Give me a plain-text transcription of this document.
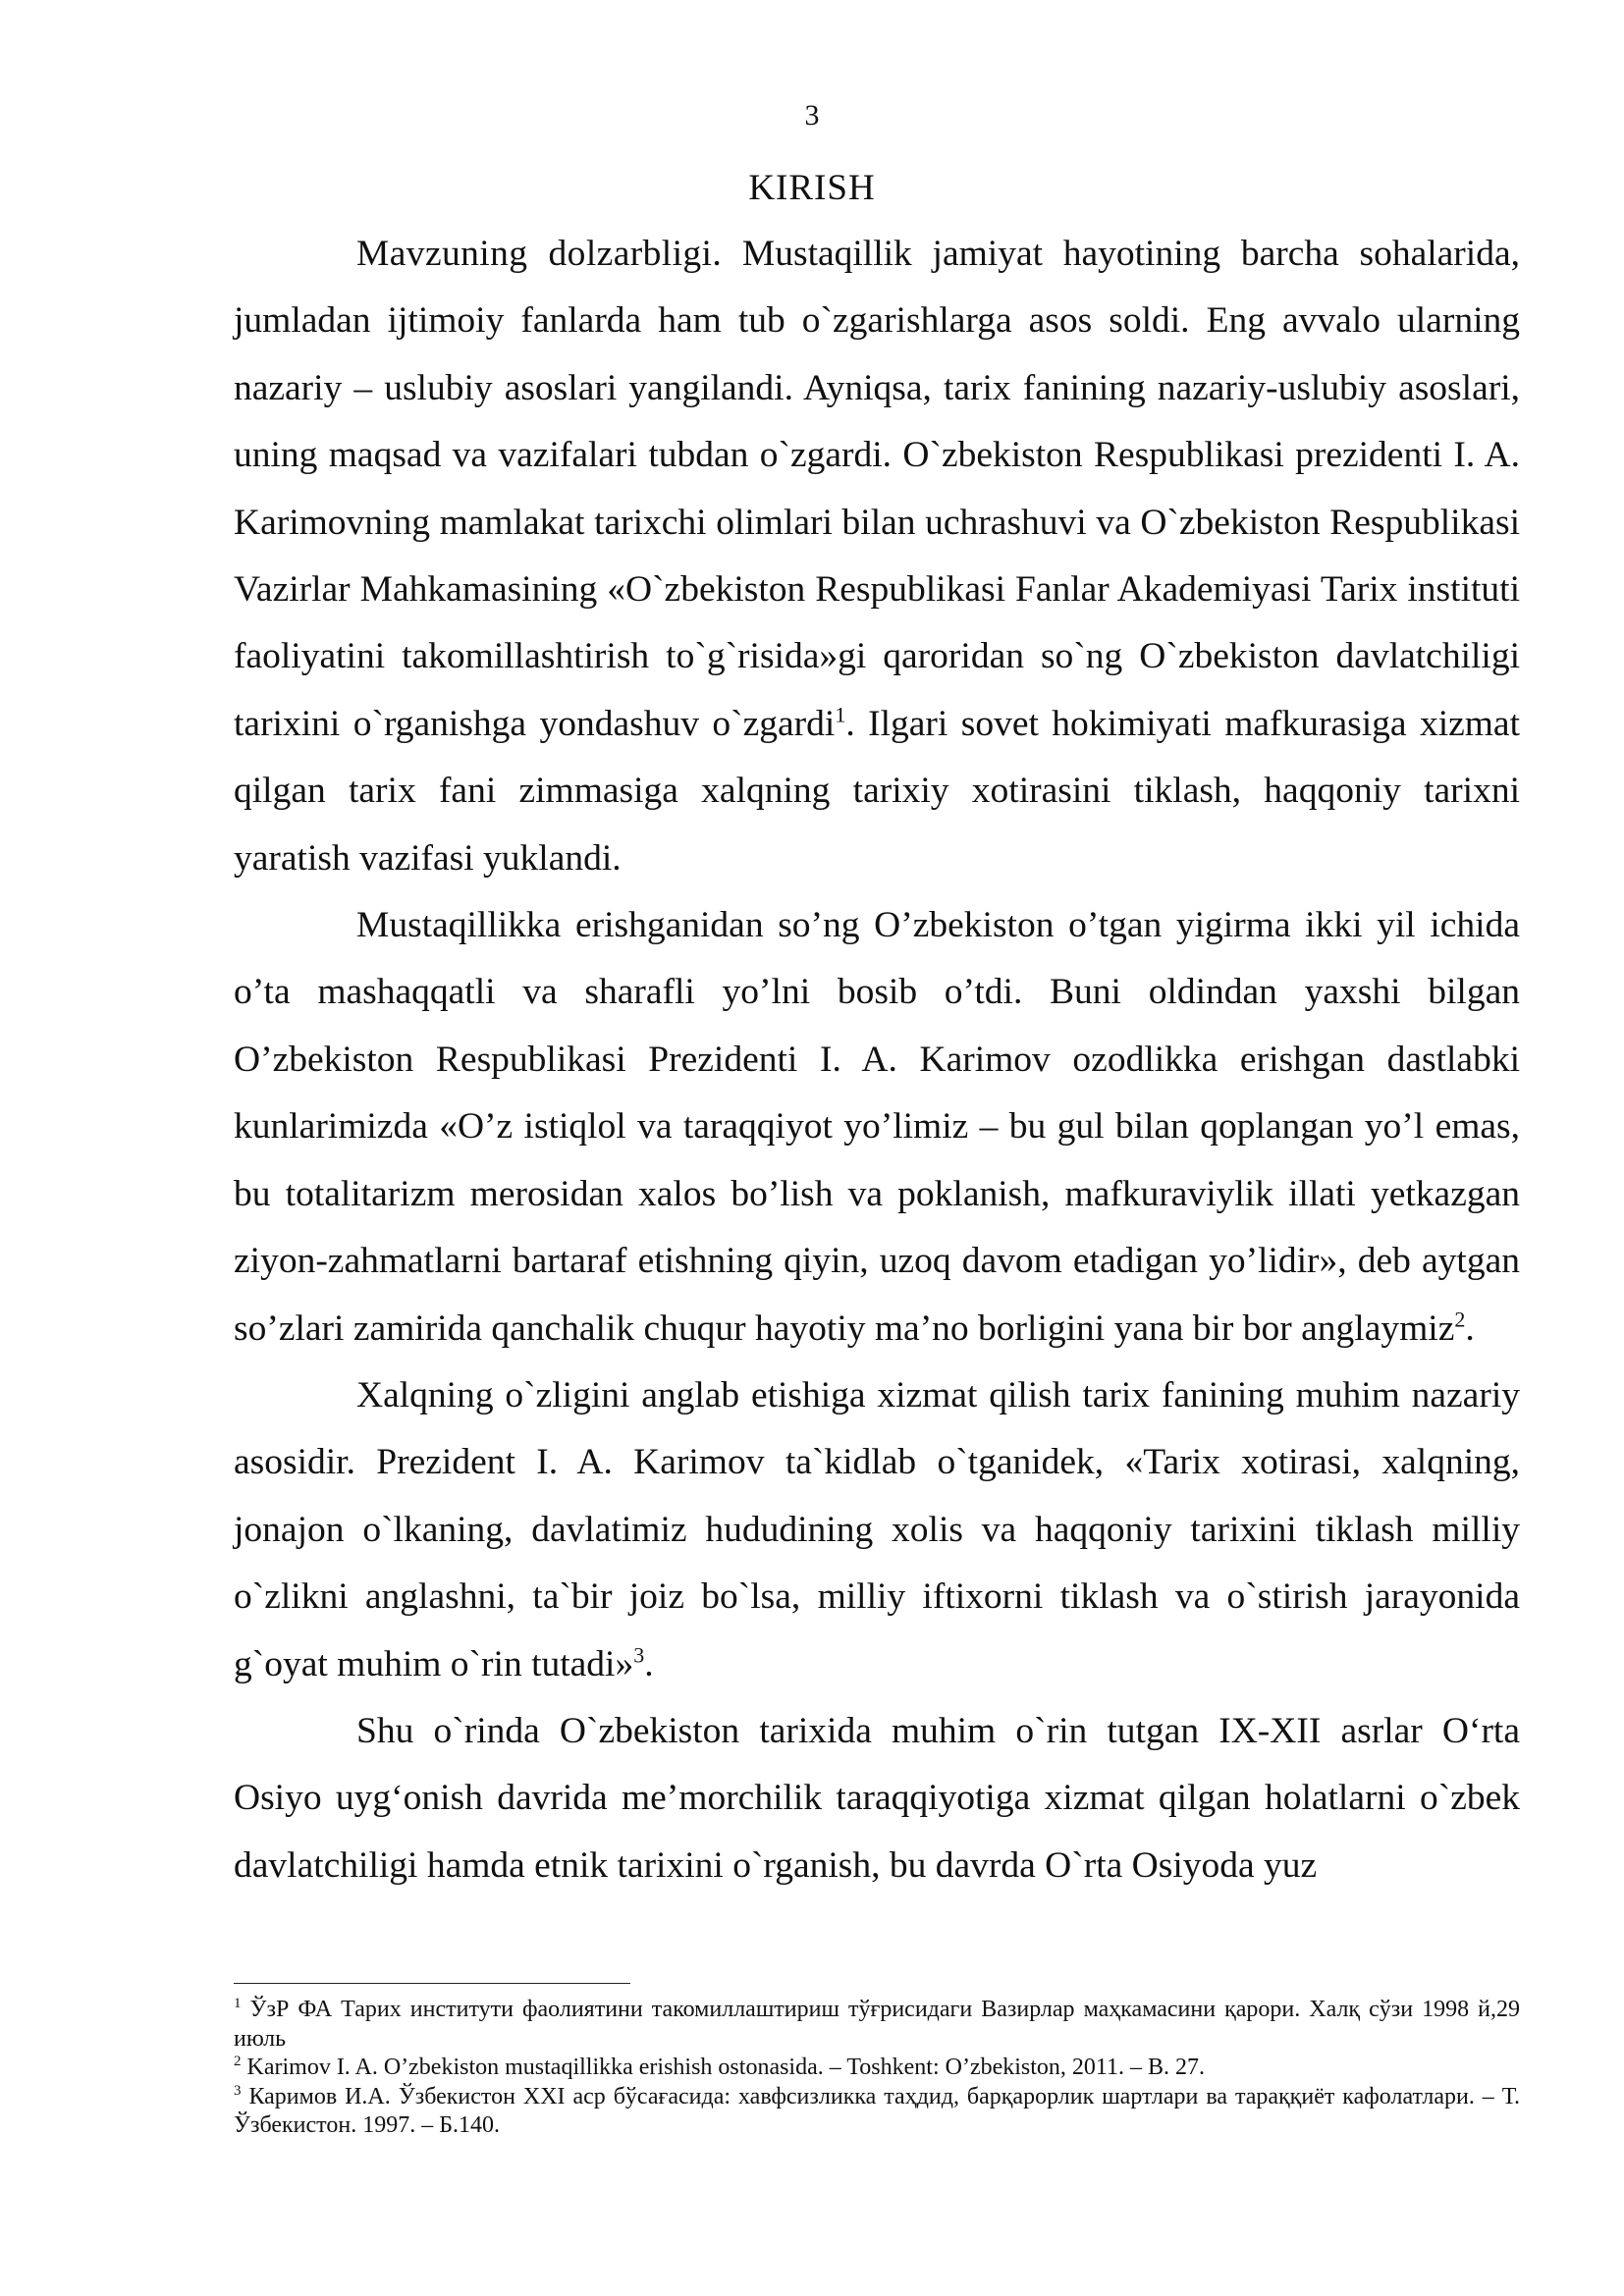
3
KIRISH

Mavzuning dolzarbligi. Mustaqillik jamiyat hayotining barcha sohalarida, jumladan ijtimoiy fanlarda ham tub o`zgarishlarga asos soldi. Eng avvalo ularning nazariy – uslubiy asoslari yangilandi. Ayniqsa, tarix fanining nazariy-uslubiy asoslari, uning maqsad va vazifalari tubdan o`zgardi. O`zbekiston Respublikasi prezidenti I. A. Karimovning mamlakat tarixchi olimlari bilan uchrashuvi va O`zbekiston Respublikasi Vazirlar Mahkamasining «O`zbekiston Respublikasi Fanlar Akademiyasi Tarix instituti faoliyatini takomillashtirish to`g`risida»gi qaroridan so`ng O`zbekiston davlatchiligi tarixini o`rganishga yondashuv o`zgardi$^1$. Ilgari sovet hokimiyati mafkurasiga xizmat qilgan tarix fani zimmasiga xalqning tarixiy xotirasini tiklash, haqqoniy tarixni yaratish vazifasi yuklandi.

Mustaqillikka erishganidan so’ng O’zbekiston o’tgan yigirma ikki yil ichida o’ta mashaqqatli va sharafli yo’lni bosib o’tdi. Buni oldindan yaxshi bilgan O’zbekiston Respublikasi Prezidenti I. A. Karimov ozodlikka erishgan dastlabki kunlarimizda «O’z istiqlol va taraqqiyot yo’limiz – bu gul bilan qoplangan yo’l emas, bu totalitarizm merosidan xalos bo’lish va poklanish, mafkuraviylik illati yetkazgan ziyon-zahmatlarni bartaraf etishning qiyin, uzoq davom etadigan yo’lidir», deb aytgan so’zlari zamirida qanchalik chuqur hayotiy ma’no borligini yana bir bor anglaymiz$^2$.

Xalqning o`zligini anglab etishiga xizmat qilish tarix fanining muhim nazariy asosidir. Prezident I. A. Karimov ta`kidlab o`tganidek, «Tarix xotirasi, xalqning, jonajon o`lkaning, davlatimiz hududining xolis va haqqoniy tarixini tiklash milliy o`zlikni anglashni, ta`bir joiz bo`lsa, milliy iftixorni tiklash va o`stirish jarayonida g`oyat muhim o`rin tutadi»$^3$.

Shu o`rinda O`zbekiston tarixida muhim o`rin tutgan IX-XII asrlar O‘rta Osiyo uyg‘onish davrida me’morchilik taraqqiyotiga xizmat qilgan holatlarni o`zbek davlatchiligi hamda etnik tarixini o`rganish, bu davrda O`rta Osiyoda yuz

$^1$ ЎзР ФА Тарих институти фаолиятини такомиллаштириш тўғрисидаги Вазирлар маҳкамасини қарори. Халқ сўзи 1998 й,29 июль

$^2$ Karimov I. A. O’zbekiston mustaqillikka erishish ostonasida. – Toshkent: O’zbekiston, 2011. – B. 27.

$^3$ Каримов И.А. Ўзбекистон XXI аср бўсағасида: хавфсизликка таҳдид, барқарорлик шартлари ва тараққиёт кафолатлари. – Т. Ўзбекистон. 1997. – Б.140.
